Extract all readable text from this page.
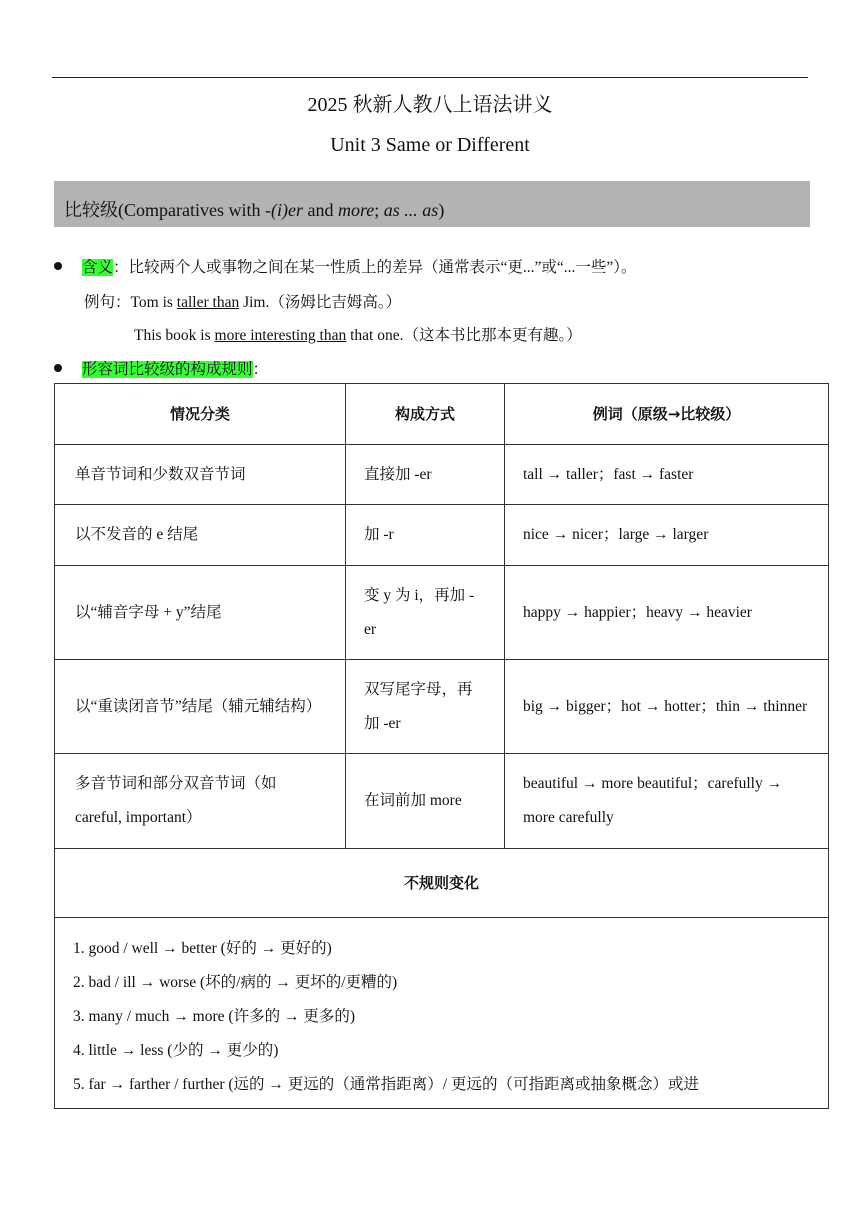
2025 秋新人教八上语法讲义
Unit 3 Same or Different
比较级(Comparatives with -(i)er and more; as ... as)
含义：比较两个人或事物之间在某一性质上的差异（通常表示“更...”或“...一些”）。
例句：Tom is taller than Jim.（汤姆比吉姆高。）
This book is more interesting than that one.（这本书比那本更有趣。）
形容词比较级的构成规则：
情况分类	构成方式	例词（原级→比较级）
单音节词和少数双音节词	直接加 -er	tall → taller；fast → faster
以不发音的 e 结尾	加 -r	nice → nicer；large → larger
以“辅音字母 + y”结尾	变 y 为 i，再加 -er	happy → happier；heavy → heavier
以“重读闭音节”结尾（辅元辅结构）	双写尾字母，再加 -er	big → bigger；hot → hotter；thin → thinner
多音节词和部分双音节词（如 careful, important）	在词前加 more	beautiful → more beautiful；carefully → more carefully
不规则变化		

1. good / well → better (好的 → 更好的)
2. bad / ill → worse (坏的/病的 → 更坏的/更糟的)
3. many / much → more (许多的 → 更多的)
4. little → less (少的 → 更少的)
5. far → farther / further (远的 → 更远的（通常指距离）/ 更远的（可指距离或抽象概念）或进		
